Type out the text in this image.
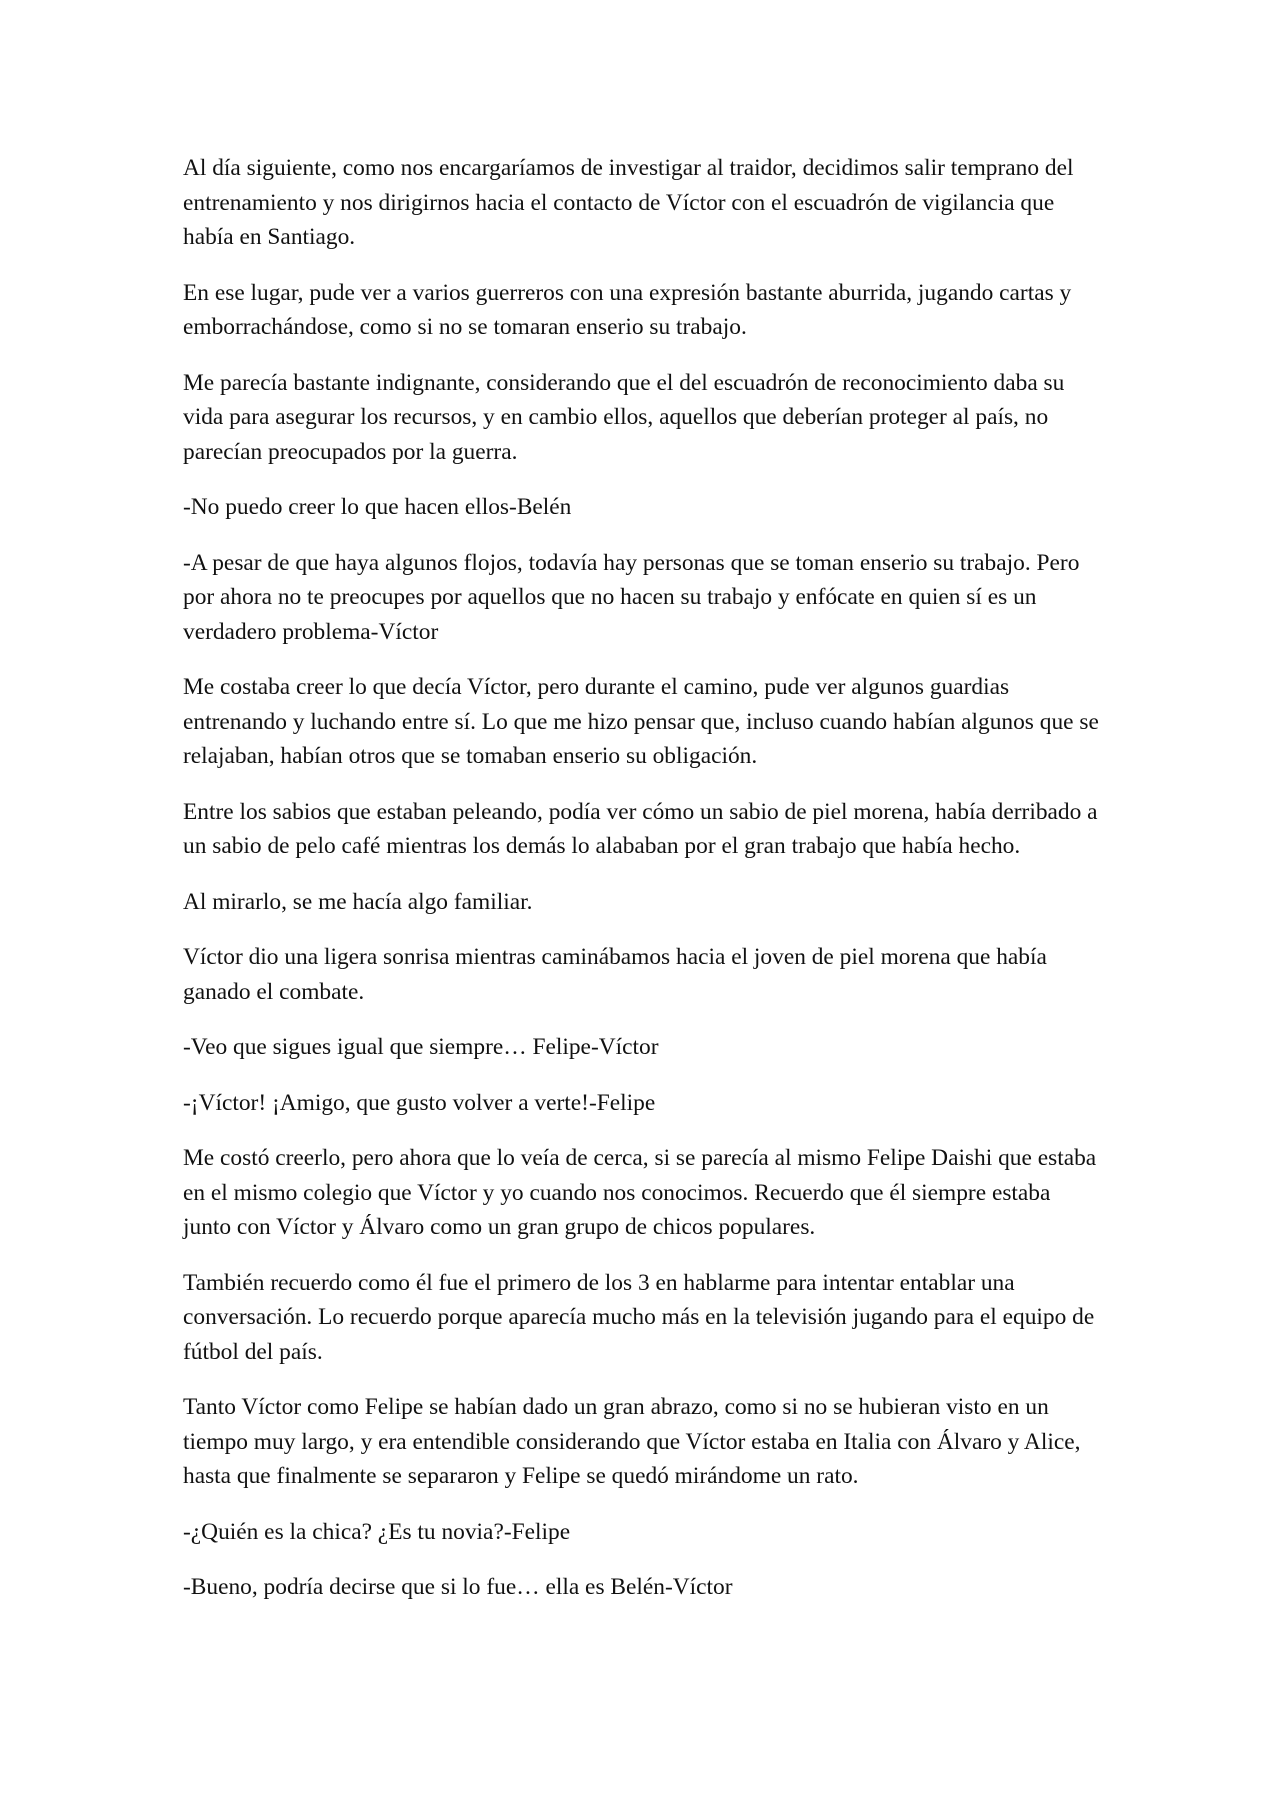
Al día siguiente, como nos encargaríamos de investigar al traidor, decidimos salir temprano del entrenamiento y nos dirigirnos hacia el contacto de Víctor con el escuadrón de vigilancia que había en Santiago.

En ese lugar, pude ver a varios guerreros con una expresión bastante aburrida, jugando cartas y emborrachándose, como si no se tomaran enserio su trabajo.

Me parecía bastante indignante, considerando que el del escuadrón de reconocimiento daba su vida para asegurar los recursos, y en cambio ellos, aquellos que deberían proteger al país, no parecían preocupados por la guerra.

-No puedo creer lo que hacen ellos-Belén

-A pesar de que haya algunos flojos, todavía hay personas que se toman enserio su trabajo. Pero por ahora no te preocupes por aquellos que no hacen su trabajo y enfócate en quien sí es un verdadero problema-Víctor

Me costaba creer lo que decía Víctor, pero durante el camino, pude ver algunos guardias entrenando y luchando entre sí. Lo que me hizo pensar que, incluso cuando habían algunos que se relajaban, habían otros que se tomaban enserio su obligación.

Entre los sabios que estaban peleando, podía ver cómo un sabio de piel morena, había derribado a un sabio de pelo café mientras los demás lo alababan por el gran trabajo que había hecho.

Al mirarlo, se me hacía algo familiar.

Víctor dio una ligera sonrisa mientras caminábamos hacia el joven de piel morena que había ganado el combate.

-Veo que sigues igual que siempre… Felipe-Víctor

-¡Víctor! ¡Amigo, que gusto volver a verte!-Felipe

Me costó creerlo, pero ahora que lo veía de cerca, si se parecía al mismo Felipe Daishi que estaba en el mismo colegio que Víctor y yo cuando nos conocimos. Recuerdo que él siempre estaba junto con Víctor y Álvaro como un gran grupo de chicos populares.

También recuerdo como él fue el primero de los 3 en hablarme para intentar entablar una conversación. Lo recuerdo porque aparecía mucho más en la televisión jugando para el equipo de fútbol del país.

Tanto Víctor como Felipe se habían dado un gran abrazo, como si no se hubieran visto en un tiempo muy largo, y era entendible considerando que Víctor estaba en Italia con Álvaro y Alice, hasta que finalmente se separaron y Felipe se quedó mirándome un rato.

-¿Quién es la chica? ¿Es tu novia?-Felipe

-Bueno, podría decirse que si lo fue… ella es Belén-Víctor
